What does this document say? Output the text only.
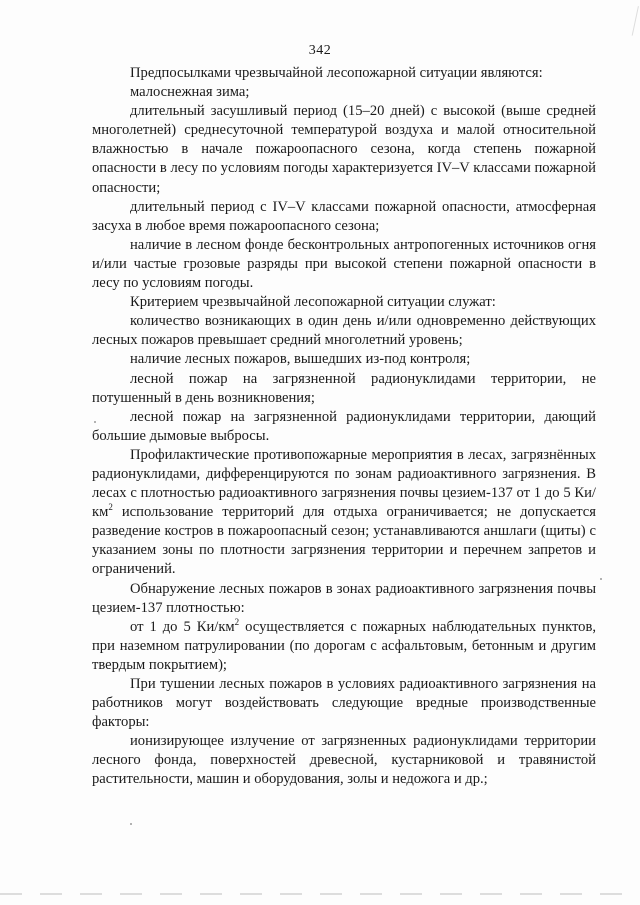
342

Предпосылками чрезвычайной лесопожарной ситуации являются:

малоснежная зима;

длительный засушливый период (15–20 дней) с высокой (выше средней многолетней) среднесуточной температурой воздуха и малой относительной влажностью в начале пожароопасного сезона, когда степень пожарной опасности в лесу по условиям погоды характеризуется IV–V классами пожарной опасности;

длительный период с IV–V классами пожарной опасности, атмосферная засуха в любое время пожароопасного сезона;

наличие в лесном фонде бесконтрольных антропогенных источников огня и/или частые грозовые разряды при высокой степени пожарной опасности в лесу по условиям погоды.

Критерием чрезвычайной лесопожарной ситуации служат:

количество возникающих в один день и/или одновременно действующих лесных пожаров превышает средний многолетний уровень;

наличие лесных пожаров, вышедших из-под контроля;

лесной пожар на загрязненной радионуклидами территории, не потушенный в день возникновения;

лесной пожар на загрязненной радионуклидами территории, дающий большие дымовые выбросы.

Профилактические противопожарные мероприятия в лесах, загрязнённых радионуклидами, дифференцируются по зонам радиоактивного загрязнения. В лесах с плотностью радиоактивного загрязнения почвы цезием-137 от 1 до 5 $Ки/км^2$ использование территорий для отдыха ограничивается; не допускается разведение костров в пожароопасный сезон; устанавливаются аншлаги (щиты) с указанием зоны по плотности загрязнения территории и перечнем запретов и ограничений.

Обнаружение лесных пожаров в зонах радиоактивного загрязнения почвы цезием-137 плотностью:

от 1 до 5 $Ки/км^2$ осуществляется с пожарных наблюдательных пунктов, при наземном патрулировании (по дорогам с асфальтовым, бетонным и другим твердым покрытием);

При тушении лесных пожаров в условиях радиоактивного загрязнения на работников могут воздействовать следующие вредные производственные факторы:

ионизирующее излучение от загрязненных радионуклидами территории лесного фонда, поверхностей древесной, кустарниковой и травянистой растительности, машин и оборудования, золы и недожога и др.;
